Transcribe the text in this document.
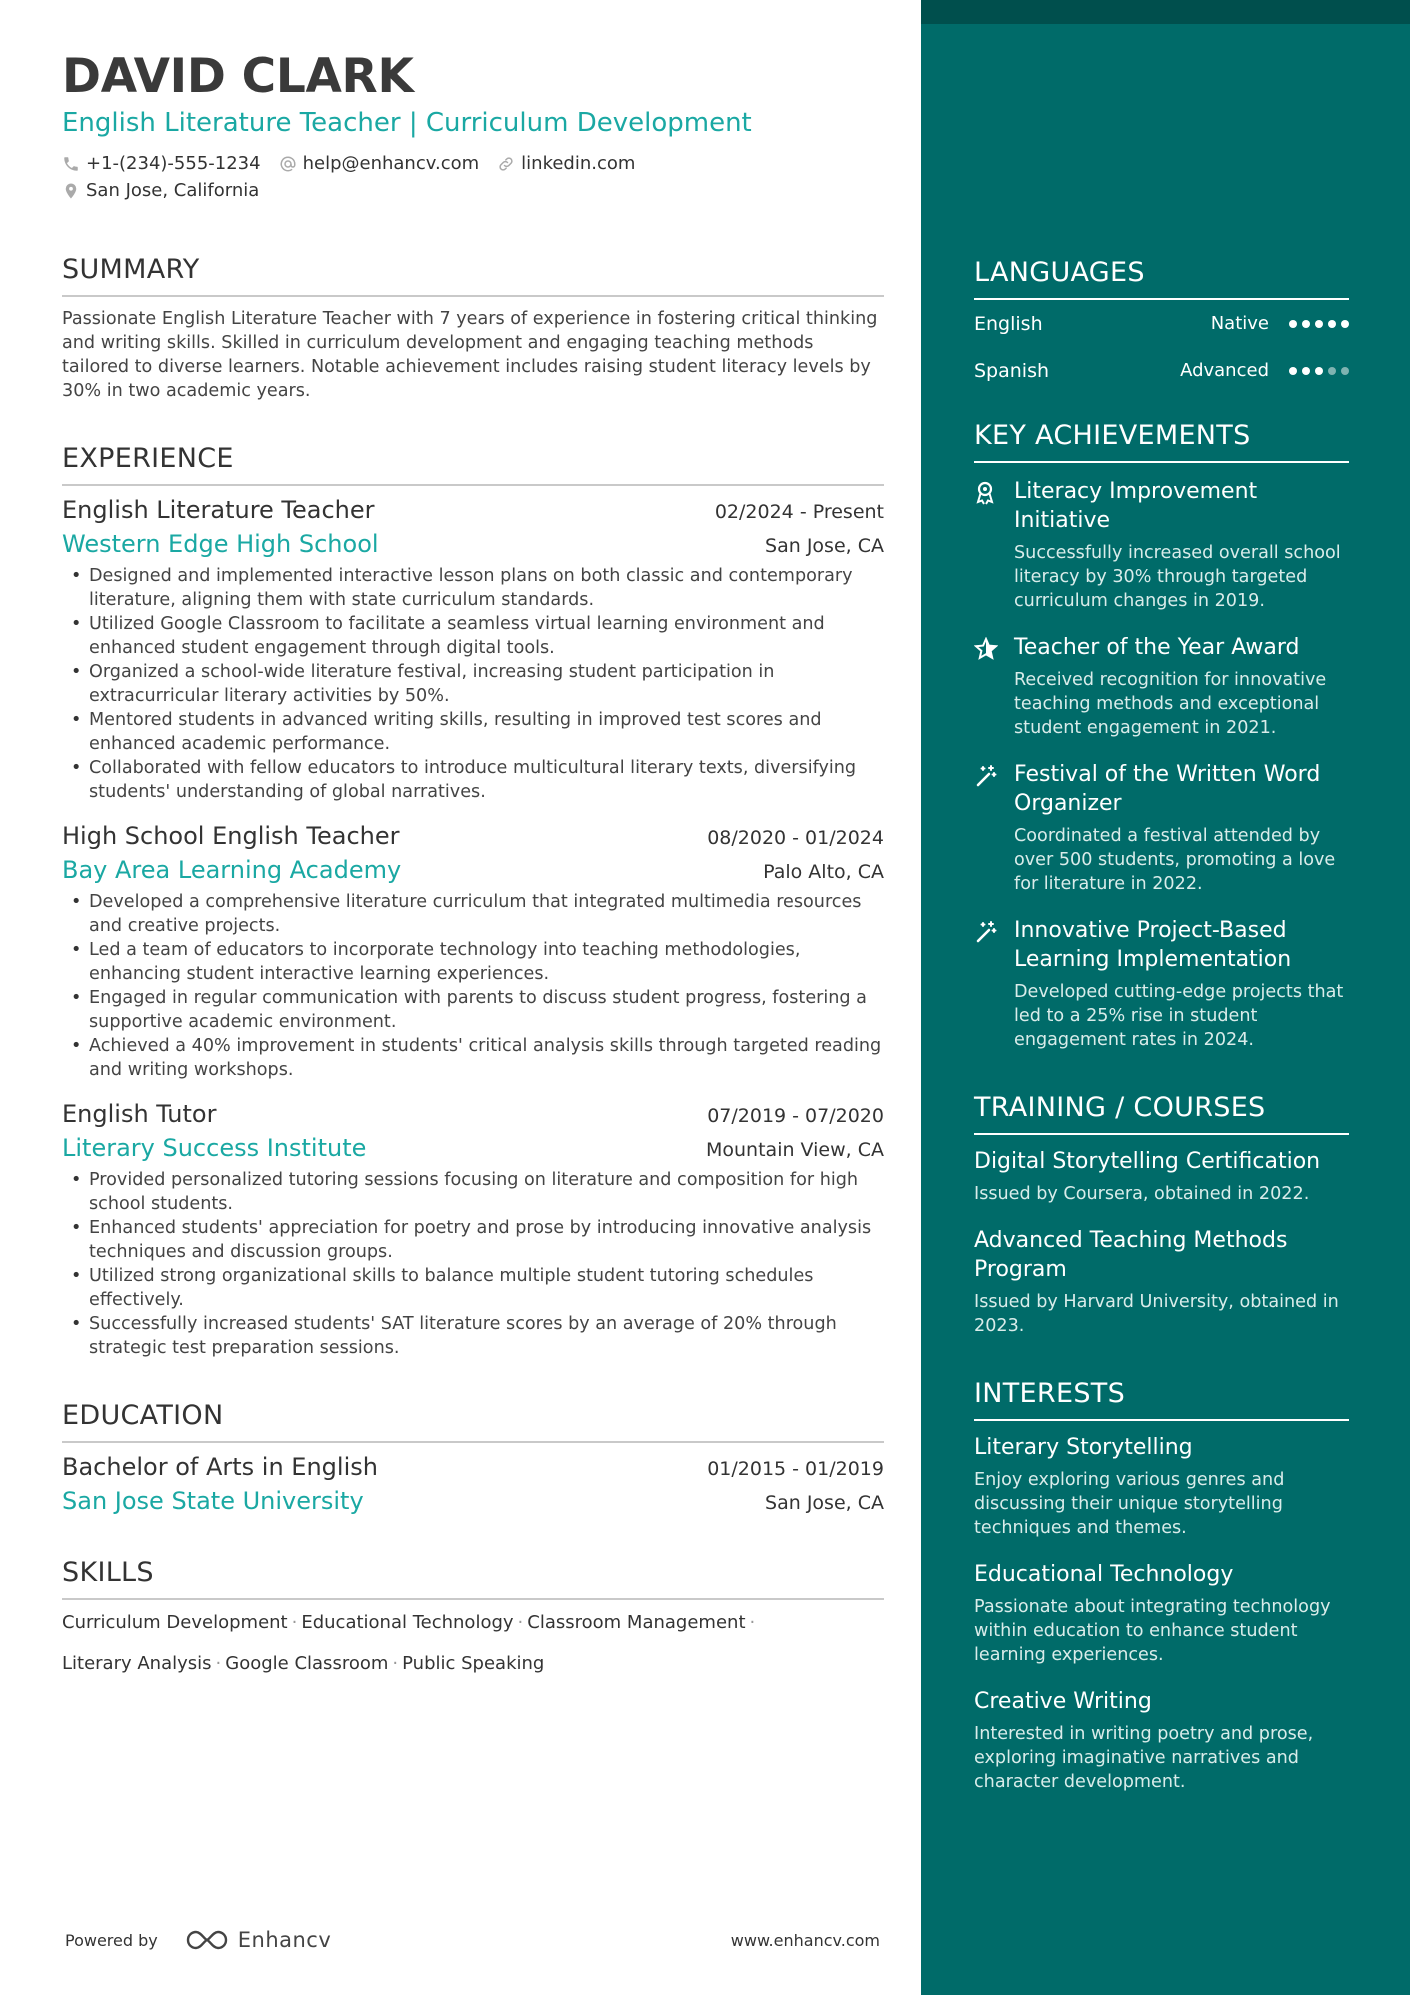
DAVID CLARK
English Literature Teacher | Curriculum Development
+1-(234)-555-1234 help@enhancv.com linkedin.com
San Jose, California
SUMMARY
Passionate English Literature Teacher with 7 years of experience in fostering critical thinking and writing skills. Skilled in curriculum development and engaging teaching methods tailored to diverse learners. Notable achievement includes raising student literacy levels by 30% in two academic years.
EXPERIENCE
English Literature Teacher	02/2024 - Present
Western Edge High School	San Jose, CA
• Designed and implemented interactive lesson plans on both classic and contemporary literature, aligning them with state curriculum standards.
• Utilized Google Classroom to facilitate a seamless virtual learning environment and enhanced student engagement through digital tools.
• Organized a school-wide literature festival, increasing student participation in extracurricular literary activities by 50%.
• Mentored students in advanced writing skills, resulting in improved test scores and enhanced academic performance.
• Collaborated with fellow educators to introduce multicultural literary texts, diversifying students' understanding of global narratives.
High School English Teacher	08/2020 - 01/2024
Bay Area Learning Academy	Palo Alto, CA
• Developed a comprehensive literature curriculum that integrated multimedia resources and creative projects.
• Led a team of educators to incorporate technology into teaching methodologies, enhancing student interactive learning experiences.
• Engaged in regular communication with parents to discuss student progress, fostering a supportive academic environment.
• Achieved a 40% improvement in students' critical analysis skills through targeted reading and writing workshops.
English Tutor	07/2019 - 07/2020
Literary Success Institute	Mountain View, CA
• Provided personalized tutoring sessions focusing on literature and composition for high school students.
• Enhanced students' appreciation for poetry and prose by introducing innovative analysis techniques and discussion groups.
• Utilized strong organizational skills to balance multiple student tutoring schedules effectively.
• Successfully increased students' SAT literature scores by an average of 20% through strategic test preparation sessions.
EDUCATION
Bachelor of Arts in English	01/2015 - 01/2019
San Jose State University	San Jose, CA
SKILLS
Curriculum Development · Educational Technology · Classroom Management ·
Literary Analysis · Google Classroom · Public Speaking
Powered by	Enhancv	www.enhancv.com
LANGUAGES
English	Native
Spanish	Advanced
KEY ACHIEVEMENTS
Literacy Improvement Initiative
Successfully increased overall school literacy by 30% through targeted curriculum changes in 2019.
Teacher of the Year Award
Received recognition for innovative teaching methods and exceptional student engagement in 2021.
Festival of the Written Word Organizer
Coordinated a festival attended by over 500 students, promoting a love for literature in 2022.
Innovative Project-Based Learning Implementation
Developed cutting-edge projects that led to a 25% rise in student engagement rates in 2024.
TRAINING / COURSES
Digital Storytelling Certification
Issued by Coursera, obtained in 2022.
Advanced Teaching Methods Program
Issued by Harvard University, obtained in 2023.
INTERESTS
Literary Storytelling
Enjoy exploring various genres and discussing their unique storytelling techniques and themes.
Educational Technology
Passionate about integrating technology within education to enhance student learning experiences.
Creative Writing
Interested in writing poetry and prose, exploring imaginative narratives and character development.
